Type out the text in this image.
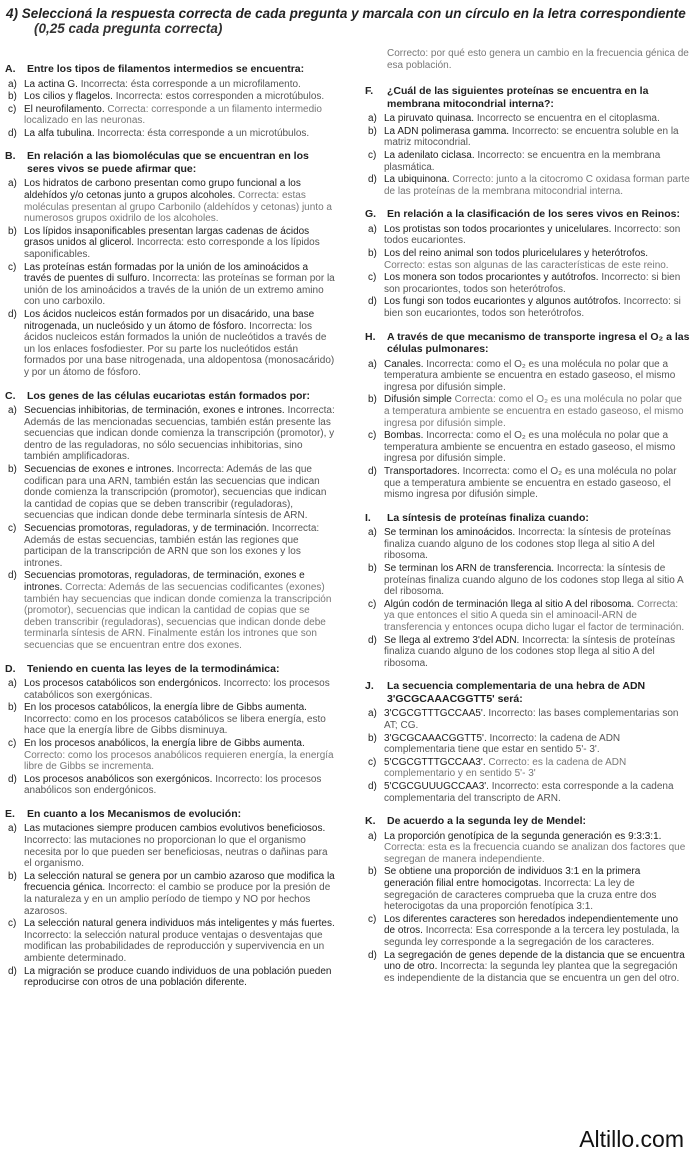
4) Seleccioná la respuesta correcta de cada pregunta y marcala con un círculo en la letra correspondiente
(0,25 cada pregunta correcta)
A.	Entre los tipos de filamentos intermedios se encuentra:
a) La actina G. Incorrecta: ésta corresponde a un microfilamento.
b) Los cilios y flagelos. Incorrecta: estos corresponden a microtúbulos.
c) El neurofilamento. Correcta: corresponde a un filamento intermedio localizado en las neuronas.
d) La alfa tubulina. Incorrecta: ésta corresponde a un microtúbulos.
B.	En relación a las biomoléculas que se encuentran en los seres vivos se puede afirmar que:
a) Los hidratos de carbono presentan como grupo funcional a los aldehídos y/o cetonas junto a grupos alcoholes. Correcta: estas moléculas presentan al grupo Carbonilo (aldehídos y cetonas) junto a numerosos grupos oxidrilo de los alcoholes.
b) Los lípidos insaponificables presentan largas cadenas de ácidos grasos unidos al glicerol. Incorrecta: esto corresponde a los lípidos saponificables.
c) Las proteínas están formadas por la unión de los aminoácidos a través de puentes di sulfuro. Incorrecta: las proteínas se forman por la unión de los aminoácidos a través de la unión de un extremo amino con uno carboxilo.
d) Los ácidos nucleicos están formados por un disacárido, una base nitrogenada, un nucleósido y un átomo de fósforo. Incorrecta: los ácidos nucleicos están formados la unión de nucleótidos a través de un los enlaces fosfodiester. Por su parte los nucleótidos están formados por una base nitrogenada, una aldopentosa (monosacárido) y por un átomo de fósforo.
C.	Los genes de las células eucariotas están formados por:
a) Secuencias inhibitorias, de terminación, exones e intrones. Incorrecta: Además de las mencionadas secuencias, también están presente las secuencias que indican donde comienza la transcripción (promotor), y dentro de las reguladoras, no sólo secuencias inhibitorias, sino también amplificadoras.
b) Secuencias de exones e intrones. Incorrecta: Además de las que codifican para una ARN, también están las secuencias que indican donde comienza la transcripción (promotor), secuencias que indican la cantidad de copias que se deben transcribir (reguladoras), secuencias que indican donde debe terminarla síntesis de ARN.
c) Secuencias promotoras, reguladoras, y de terminación. Incorrecta: Además de estas secuencias, también están las regiones que participan de la transcripción de ARN que son los exones y los intrones.
d) Secuencias promotoras, reguladoras, de terminación, exones e intrones. Correcta: Además de las secuencias codificantes (exones) también hay secuencias que indican donde comienza la transcripción (promotor), secuencias que indican la cantidad de copias que se deben transcribir (reguladoras), secuencias que indican donde debe terminarla síntesis de ARN. Finalmente están los intrones que son secuencias que se encuentran entre dos exones.
D.	Teniendo en cuenta las leyes de la termodinámica:
a) Los procesos catabólicos son endergónicos. Incorrecto: los procesos catabólicos son exergónicas.
b) En los procesos catabólicos, la energía libre de Gibbs aumenta. Incorrecto: como en los procesos catabólicos se libera energía, esto hace que la energía libre de Gibbs disminuya.
c) En los procesos anabólicos, la energía libre de Gibbs aumenta. Correcto: como los procesos anabólicos requieren energía, la energía libre de Gibbs se incrementa.
d) Los procesos anabólicos son exergónicos. Incorrecto: los procesos anabólicos son endergónicos.
E.	En cuanto a los Mecanismos de evolución:
a) Las mutaciones siempre producen cambios evolutivos beneficiosos. Incorrecto: las mutaciones no proporcionan lo que el organismo necesita por lo que pueden ser beneficiosas, neutras o dañinas para el organismo.
b) La selección natural se genera por un cambio azaroso que modifica la frecuencia génica. Incorrecto: el cambio se produce por la presión de la naturaleza y en un amplio período de tiempo y NO por hechos azarosos.
c) La selección natural genera individuos más inteligentes y más fuertes. Incorrecto: la selección natural produce ventajas o desventajas que modifican las probabilidades de reproducción y supervivencia en un ambiente determinado.
d) La migración se produce cuando individuos de una población pueden reproducirse con otros de una población diferente.
Correcto: por qué esto genera un cambio en la frecuencia génica de esa población.
F.	¿Cuál de las siguientes proteínas se encuentra en la membrana mitocondrial interna?:
a) La piruvato quinasa. Incorrecto se encuentra en el citoplasma.
b) La ADN polimerasa gamma. Incorrecto: se encuentra soluble en la matriz mitocondrial.
c) La adenilato ciclasa. Incorrecto: se encuentra en la membrana plasmática.
d) La ubiquinona. Correcto: junto a la citocromo C oxidasa forman parte de las proteínas de la membrana mitocondrial interna.
G.	En relación a la clasificación de los seres vivos en Reinos:
a) Los protistas son todos procariontes y unicelulares. Incorrecto: son todos eucariontes.
b) Los del reino animal son todos pluricelulares y heterótrofos. Correcto: estas son algunas de las características de este reino.
c) Los monera son todos procariontes y autótrofos. Incorrecto: si bien son procariontes, todos son heterótrofos.
d) Los fungi son todos eucariontes y algunos autótrofos. Incorrecto: si bien son eucariontes, todos son heterótrofos.
H.	A través de que mecanismo de transporte ingresa el O₂ a las células pulmonares:
a) Canales. Incorrecta: como el O₂ es una molécula no polar que a temperatura ambiente se encuentra en estado gaseoso, el mismo ingresa por difusión simple.
b) Difusión simple Correcta: como el O₂ es una molécula no polar que a temperatura ambiente se encuentra en estado gaseoso, el mismo ingresa por difusión simple.
c) Bombas. Incorrecta: como el O₂ es una molécula no polar que a temperatura ambiente se encuentra en estado gaseoso, el mismo ingresa por difusión simple.
d) Transportadores. Incorrecta: como el O₂ es una molécula no polar que a temperatura ambiente se encuentra en estado gaseoso, el mismo ingresa por difusión simple.
I.	La síntesis de proteínas finaliza cuando:
a) Se terminan los aminoácidos. Incorrecta: la síntesis de proteínas finaliza cuando alguno de los codones stop llega al sitio A del ribosoma.
b) Se terminan los ARN de transferencia. Incorrecta: la síntesis de proteínas finaliza cuando alguno de los codones stop llega al sitio A del ribosoma.
c) Algún codón de terminación llega al sitio A del ribosoma. Correcta: ya que entonces el sitio A queda sin el aminoacil-ARN de transferencia y entonces ocupa dicho lugar el factor de terminación.
d) Se llega al extremo 3'del ADN. Incorrecta: la síntesis de proteínas finaliza cuando alguno de los codones stop llega al sitio A del ribosoma.
J.	La secuencia complementaria de una hebra de ADN 3'GCGCAAACGGTT5' será:
a) 3'CGCGTTTGCCAA5'. Incorrecto: las bases complementarias son AT; CG.
b) 3'GCGCAAACGGTT5'. Incorrecto: la cadena de ADN complementaria tiene que estar en sentido 5'- 3'.
c) 5'CGCGTTTGCCAA3'. Correcto: es la cadena de ADN complementario y en sentido 5'- 3'
d) 5'CGCGUUUGCCAA3'. Incorrecto: esta corresponde a la cadena complementaria del transcripto de ARN.
K.	De acuerdo a la segunda ley de Mendel:
a) La proporción genotípica de la segunda generación es 9:3:3:1. Correcta: esta es la frecuencia cuando se analizan dos factores que segregan de manera independiente.
b) Se obtiene una proporción de individuos 3:1 en la primera generación filial entre homocigotas. Incorrecta: La ley de segregación de caracteres comprueba que la cruza entre dos heterocigotas da una proporción fenotípica 3:1.
c) Los diferentes caracteres son heredados independientemente uno de otros. Incorrecta: Esa corresponde a la tercera ley postulada, la segunda ley corresponde a la segregación de los caracteres.
d) La segregación de genes depende de la distancia que se encuentra uno de otro. Incorrecta: la segunda ley plantea que la segregación es independiente de la distancia que se encuentra un gen del otro.
Altillo.com
